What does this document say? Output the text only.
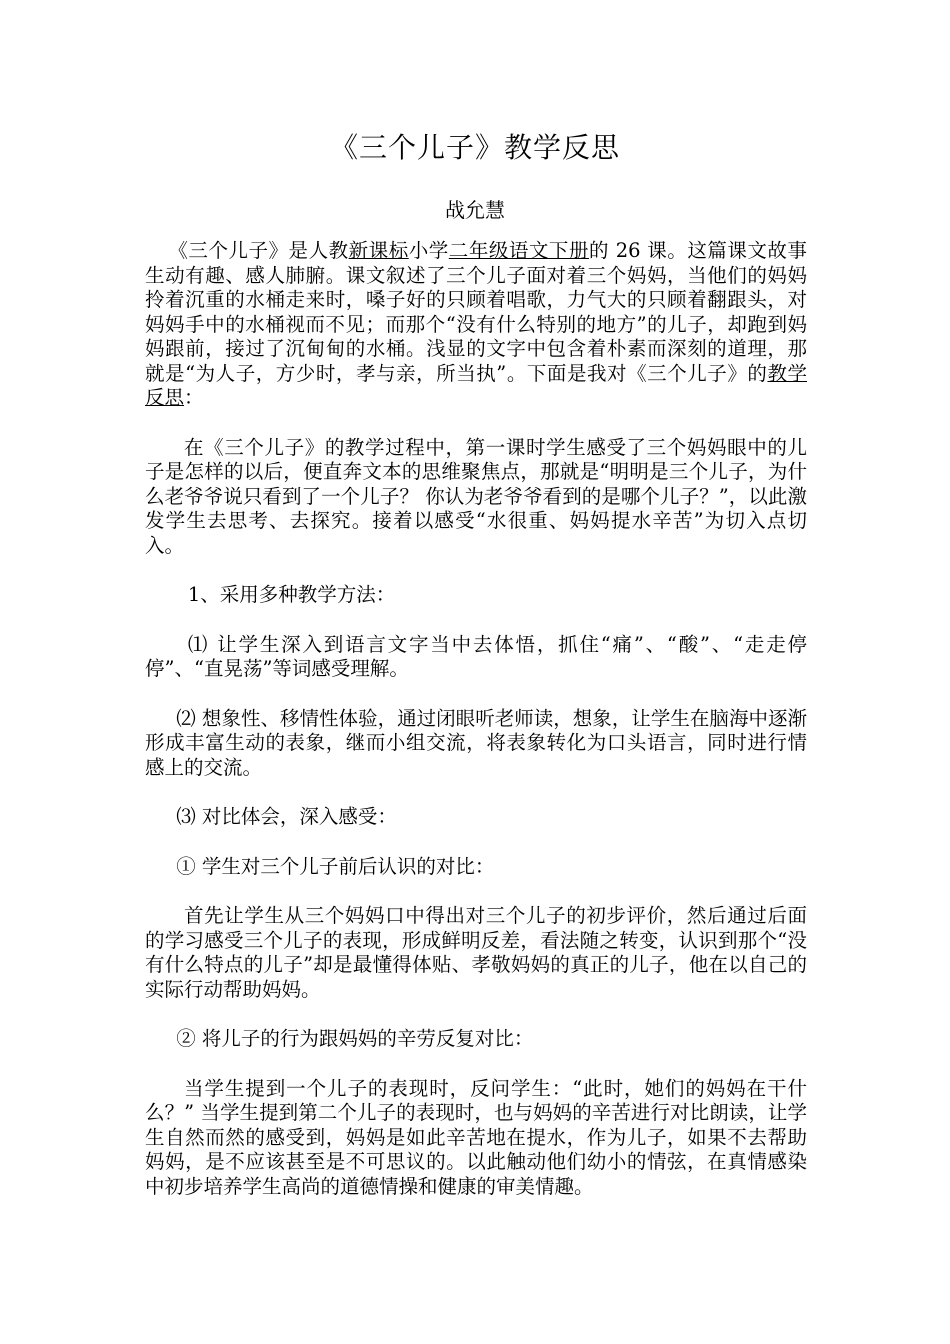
《三个儿子》教学反思
战允慧

《三个儿子》是人教新课标小学二年级语文下册的 26 课。这篇课文故事生动有趣、感人肺腑。课文叙述了三个儿子面对着三个妈妈，当他们的妈妈拎着沉重的水桶走来时，嗓子好的只顾着唱歌，力气大的只顾着翻跟头，对妈妈手中的水桶视而不见；而那个“没有什么特别的地方”的儿子，却跑到妈妈跟前，接过了沉甸甸的水桶。浅显的文字中包含着朴素而深刻的道理，那就是“为人子，方少时，孝与亲，所当执”。下面是我对《三个儿子》的教学反思：

在《三个儿子》的教学过程中，第一课时学生感受了三个妈妈眼中的儿子是怎样的以后，便直奔文本的思维聚焦点，那就是“明明是三个儿子，为什么老爷爷说只看到了一个儿子？ 你认为老爷爷看到的是哪个儿子？”，以此激发学生去思考、去探究。接着以感受“水很重、妈妈提水辛苦”为切入点切入。

1、采用多种教学方法：

⑴ 让学生深入到语言文字当中去体悟，抓住“痛”、“酸”、“走走停停”、“直晃荡”等词感受理解。

⑵ 想象性、移情性体验，通过闭眼听老师读，想象，让学生在脑海中逐渐形成丰富生动的表象，继而小组交流，将表象转化为口头语言，同时进行情感上的交流。

⑶ 对比体会，深入感受：

① 学生对三个儿子前后认识的对比：

首先让学生从三个妈妈口中得出对三个儿子的初步评价，然后通过后面的学习感受三个儿子的表现，形成鲜明反差，看法随之转变，认识到那个“没有什么特点的儿子”却是最懂得体贴、孝敬妈妈的真正的儿子，他在以自己的实际行动帮助妈妈。

② 将儿子的行为跟妈妈的辛劳反复对比：

当学生提到一个儿子的表现时，反问学生：“此时，她们的妈妈在干什么？” 当学生提到第二个儿子的表现时，也与妈妈的辛苦进行对比朗读，让学生自然而然的感受到，妈妈是如此辛苦地在提水，作为儿子，如果不去帮助妈妈，是不应该甚至是不可思议的。以此触动他们幼小的情弦，在真情感染中初步培养学生高尚的道德情操和健康的审美情趣。
